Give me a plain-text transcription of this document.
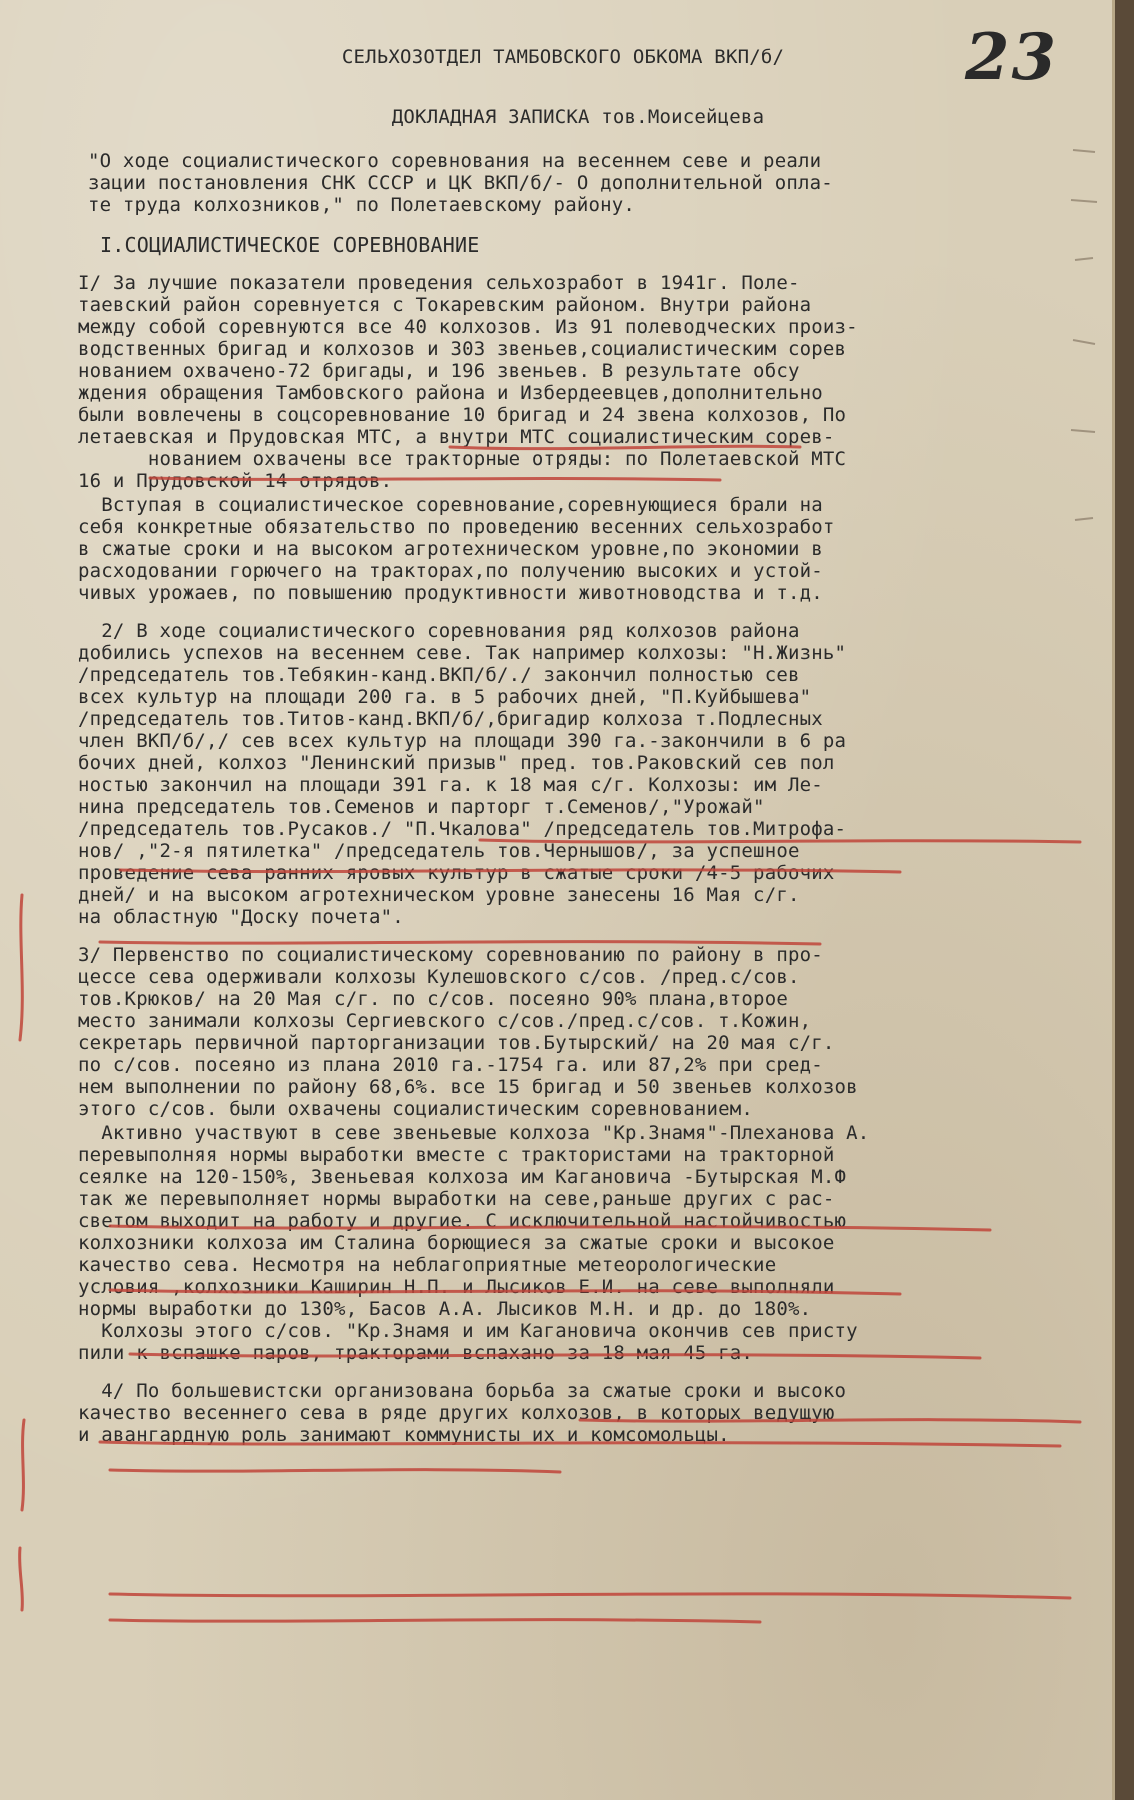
23
СЕЛЬХОЗОТДЕЛ ТАМБОВСКОГО ОБКОМА ВКП/б/
ДОКЛАДНАЯ ЗАПИСКА тов.Моисейцева
"О ходе социалистического соревнования на весеннем севе и реали
зации постановления СНК СССР и ЦК ВКП/б/- О дополнительной опла-
те труда колхозников," по Полетаевскому району.
I.СОЦИАЛИСТИЧЕСКОЕ СОРЕВНОВАНИЕ
I/ За лучшие показатели проведения сельхозработ в 1941г. Поле-
таевский район соревнуется с Токаревским районом. Внутри района
между собой соревнуются все 40 колхозов. Из 91 полеводческих произ-
водственных бригад и колхозов и 303 звеньев,социалистическим сорев
нованием охвачено-72 бригады, и 196 звеньев. В результате обсу
ждения обращения Тамбовского района и Избердеевцев,дополнительно
были вовлечены в соцсоревнование 10 бригад и 24 звена колхозов, По
летаевская и Прудовская МТС, а внутри МТС социалистическим сорев-
нованием охвачены все тракторные отряды: по Полетаевской МТС
16 и Прудовской 14 отрядов.
Вступая в социалистическое соревнование,соревнующиеся брали на
себя конкретные обязательство по проведению весенних сельхозработ
в сжатые сроки и на высоком агротехническом уровне,по экономии в
расходовании горючего на тракторах,по получению высоких и устой-
чивых урожаев, по повышению продуктивности животноводства и т.д.
2/ В ходе социалистического соревнования ряд колхозов района
добились успехов на весеннем севе. Так например колхозы: "Н.Жизнь"
/председатель тов.Тебякин-канд.ВКП/б/./ закончил полностью сев
всех культур на площади 200 га. в 5 рабочих дней, "П.Куйбышева"
/председатель тов.Титов-канд.ВКП/б/,бригадир колхоза т.Подлесных
член ВКП/б/,/ сев всех культур на площади 390 га.-закончили в 6 ра
бочих дней, колхоз "Ленинский призыв" пред. тов.Раковский сев пол
ностью закончил на площади 391 га. к 18 мая с/г. Колхозы: им Ле-
нина председатель тов.Семенов и парторг т.Семенов/,"Урожай"
/председатель тов.Русаков./ "П.Чкалова" /председатель тов.Митрофа-
нов/ ,"2-я пятилетка" /председатель тов.Чернышов/, за успешное
проведение сева ранних яровых культур в сжатые сроки /4-5 рабочих
дней/ и на высоком агротехническом уровне занесены 16 Мая с/г.
на областную "Доску почета".
3/ Первенство по социалистическому соревнованию по району в про-
цессе сева одерживали колхозы Кулешовского с/сов. /пред.с/сов.
тов.Крюков/ на 20 Мая с/г. по с/сов. посеяно 90% плана,второе
место занимали колхозы Сергиевского с/сов./пред.с/сов. т.Кожин,
секретарь первичной парторганизации тов.Бутырский/ на 20 мая с/г.
по с/сов. посеяно из плана 2010 га.-1754 га. или 87,2% при сред-
нем выполнении по району 68,6%. все 15 бригад и 50 звеньев колхозов
этого с/сов. были охвачены социалистическим соревнованием.
Активно участвуют в севе звеньевые колхоза "Кр.Знамя"-Плеханова А.
перевыполняя нормы выработки вместе с трактористами на тракторной
сеялке на 120-150%, Звеньевая колхоза им Кагановича -Бутырская М.Ф
так же перевыполняет нормы выработки на севе,раньше других с рас-
светом выходит на работу и другие. С исключительной настойчивостью
колхозники колхоза им Сталина борющиеся за сжатые сроки и высокое
качество сева. Несмотря на неблагоприятные метеорологические
условия ,колхозники Каширин Н.П. и Лысиков Е.И. на севе выполняли
нормы выработки до 130%, Басов А.А. Лысиков М.Н. и др. до 180%.
Колхозы этого с/сов. "Кр.Знамя и им Кагановича окончив сев присту
пили к вспашке паров, тракторами вспахано за 18 мая 45 га.
4/ По большевистски организована борьба за сжатые сроки и высоко
качество весеннего сева в ряде других колхозов, в которых ведущую
и авангардную роль занимают коммунисты их и комсомольцы.
